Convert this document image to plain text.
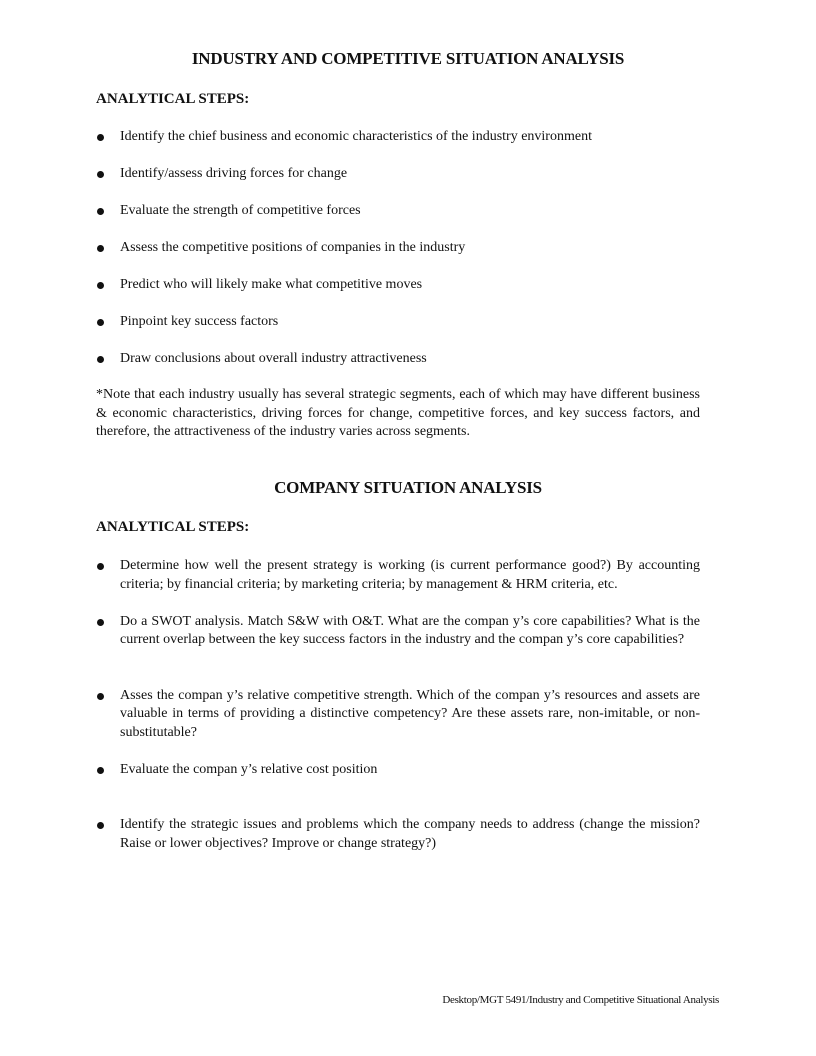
INDUSTRY AND COMPETITIVE SITUATION ANALYSIS
ANALYTICAL STEPS:
Identify the chief business and economic characteristics of the industry environment
Identify/assess driving forces for change
Evaluate the strength of competitive forces
Assess the competitive positions of companies in the industry
Predict who will likely make what competitive moves
Pinpoint key success factors
Draw conclusions about overall industry attractiveness

*Note that each industry usually has several strategic segments, each of which may have different business & economic characteristics, driving forces for change, competitive forces, and key success factors, and therefore, the attractiveness of the industry varies across segments.

COMPANY SITUATION ANALYSIS
ANALYTICAL STEPS:
Determine how well the present strategy is working (is current performance good?) By accounting criteria; by financial criteria; by marketing criteria; by management & HRM criteria, etc.
Do a SWOT analysis. Match S&W with O&T. What are the compan y’s core capabilities? What is the current overlap between the key success factors in the industry and the compan y’s core capabilities?
Asses the compan y’s relative competitive strength. Which of the compan y’s resources and assets are valuable in terms of providing a distinctive competency? Are these assets rare, non-imitable, or non-substitutable?
Evaluate the compan y’s relative cost position
Identify the strategic issues and problems which the company needs to address (change the mission? Raise or lower objectives? Improve or change strategy?)

Desktop/MGT 5491/Industry and Competitive Situational Analysis
